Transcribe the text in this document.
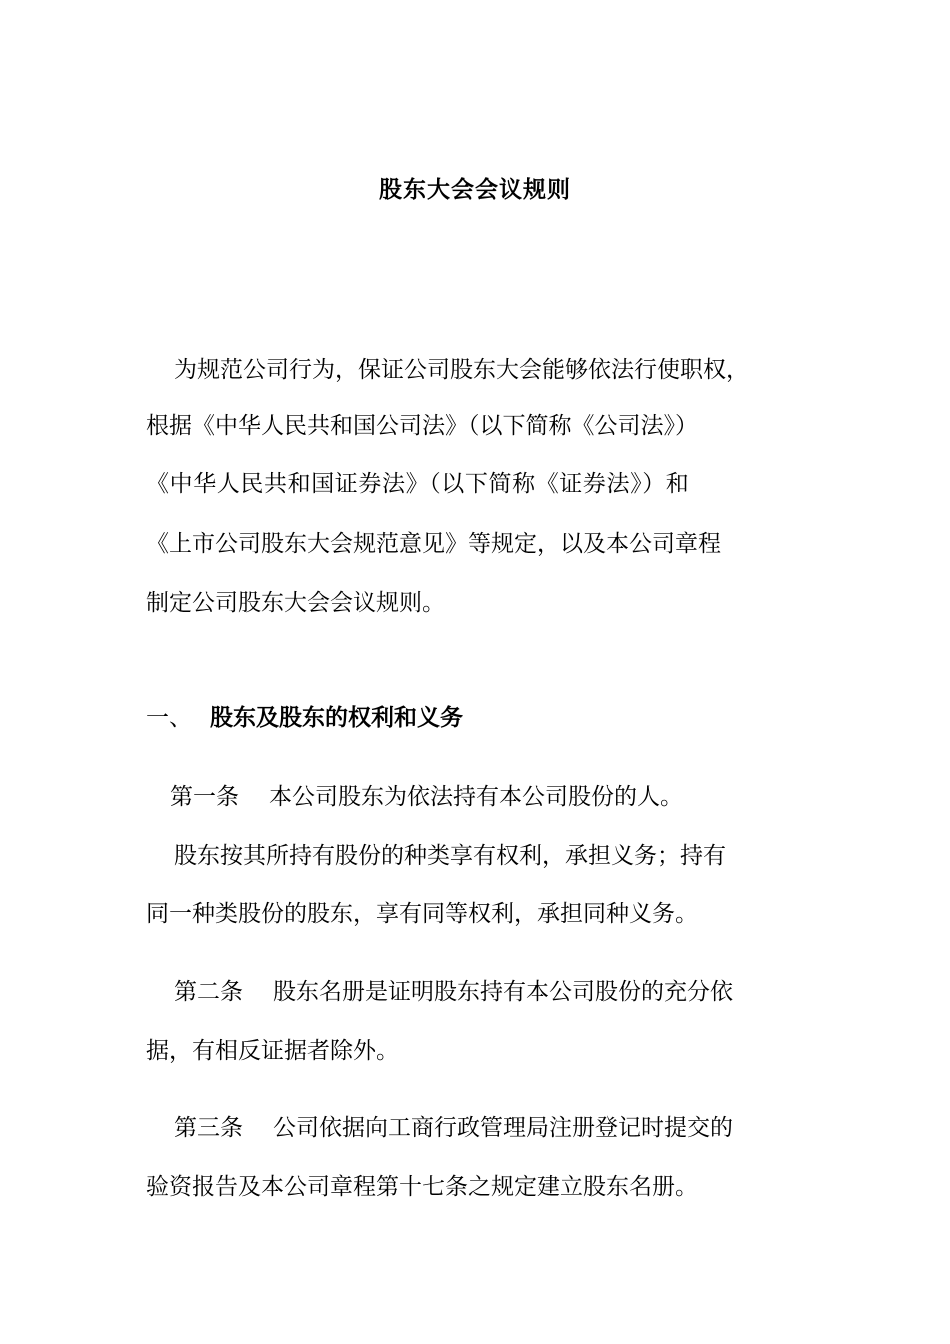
股东大会会议规则
为规范公司行为，保证公司股东大会能够依法行使职权，
根据《中华人民共和国公司法》（以下简称《公司法》）
《中华人民共和国证券法》（以下简称《证券法》）和
《上市公司股东大会规范意见》等规定，以及本公司章程
制定公司股东大会会议规则。
一、 股东及股东的权利和义务
第一条 本公司股东为依法持有本公司股份的人。
股东按其所持有股份的种类享有权利，承担义务；持有
同一种类股份的股东，享有同等权利，承担同种义务。
第二条 股东名册是证明股东持有本公司股份的充分依
据，有相反证据者除外。
第三条 公司依据向工商行政管理局注册登记时提交的
验资报告及本公司章程第十七条之规定建立股东名册。
